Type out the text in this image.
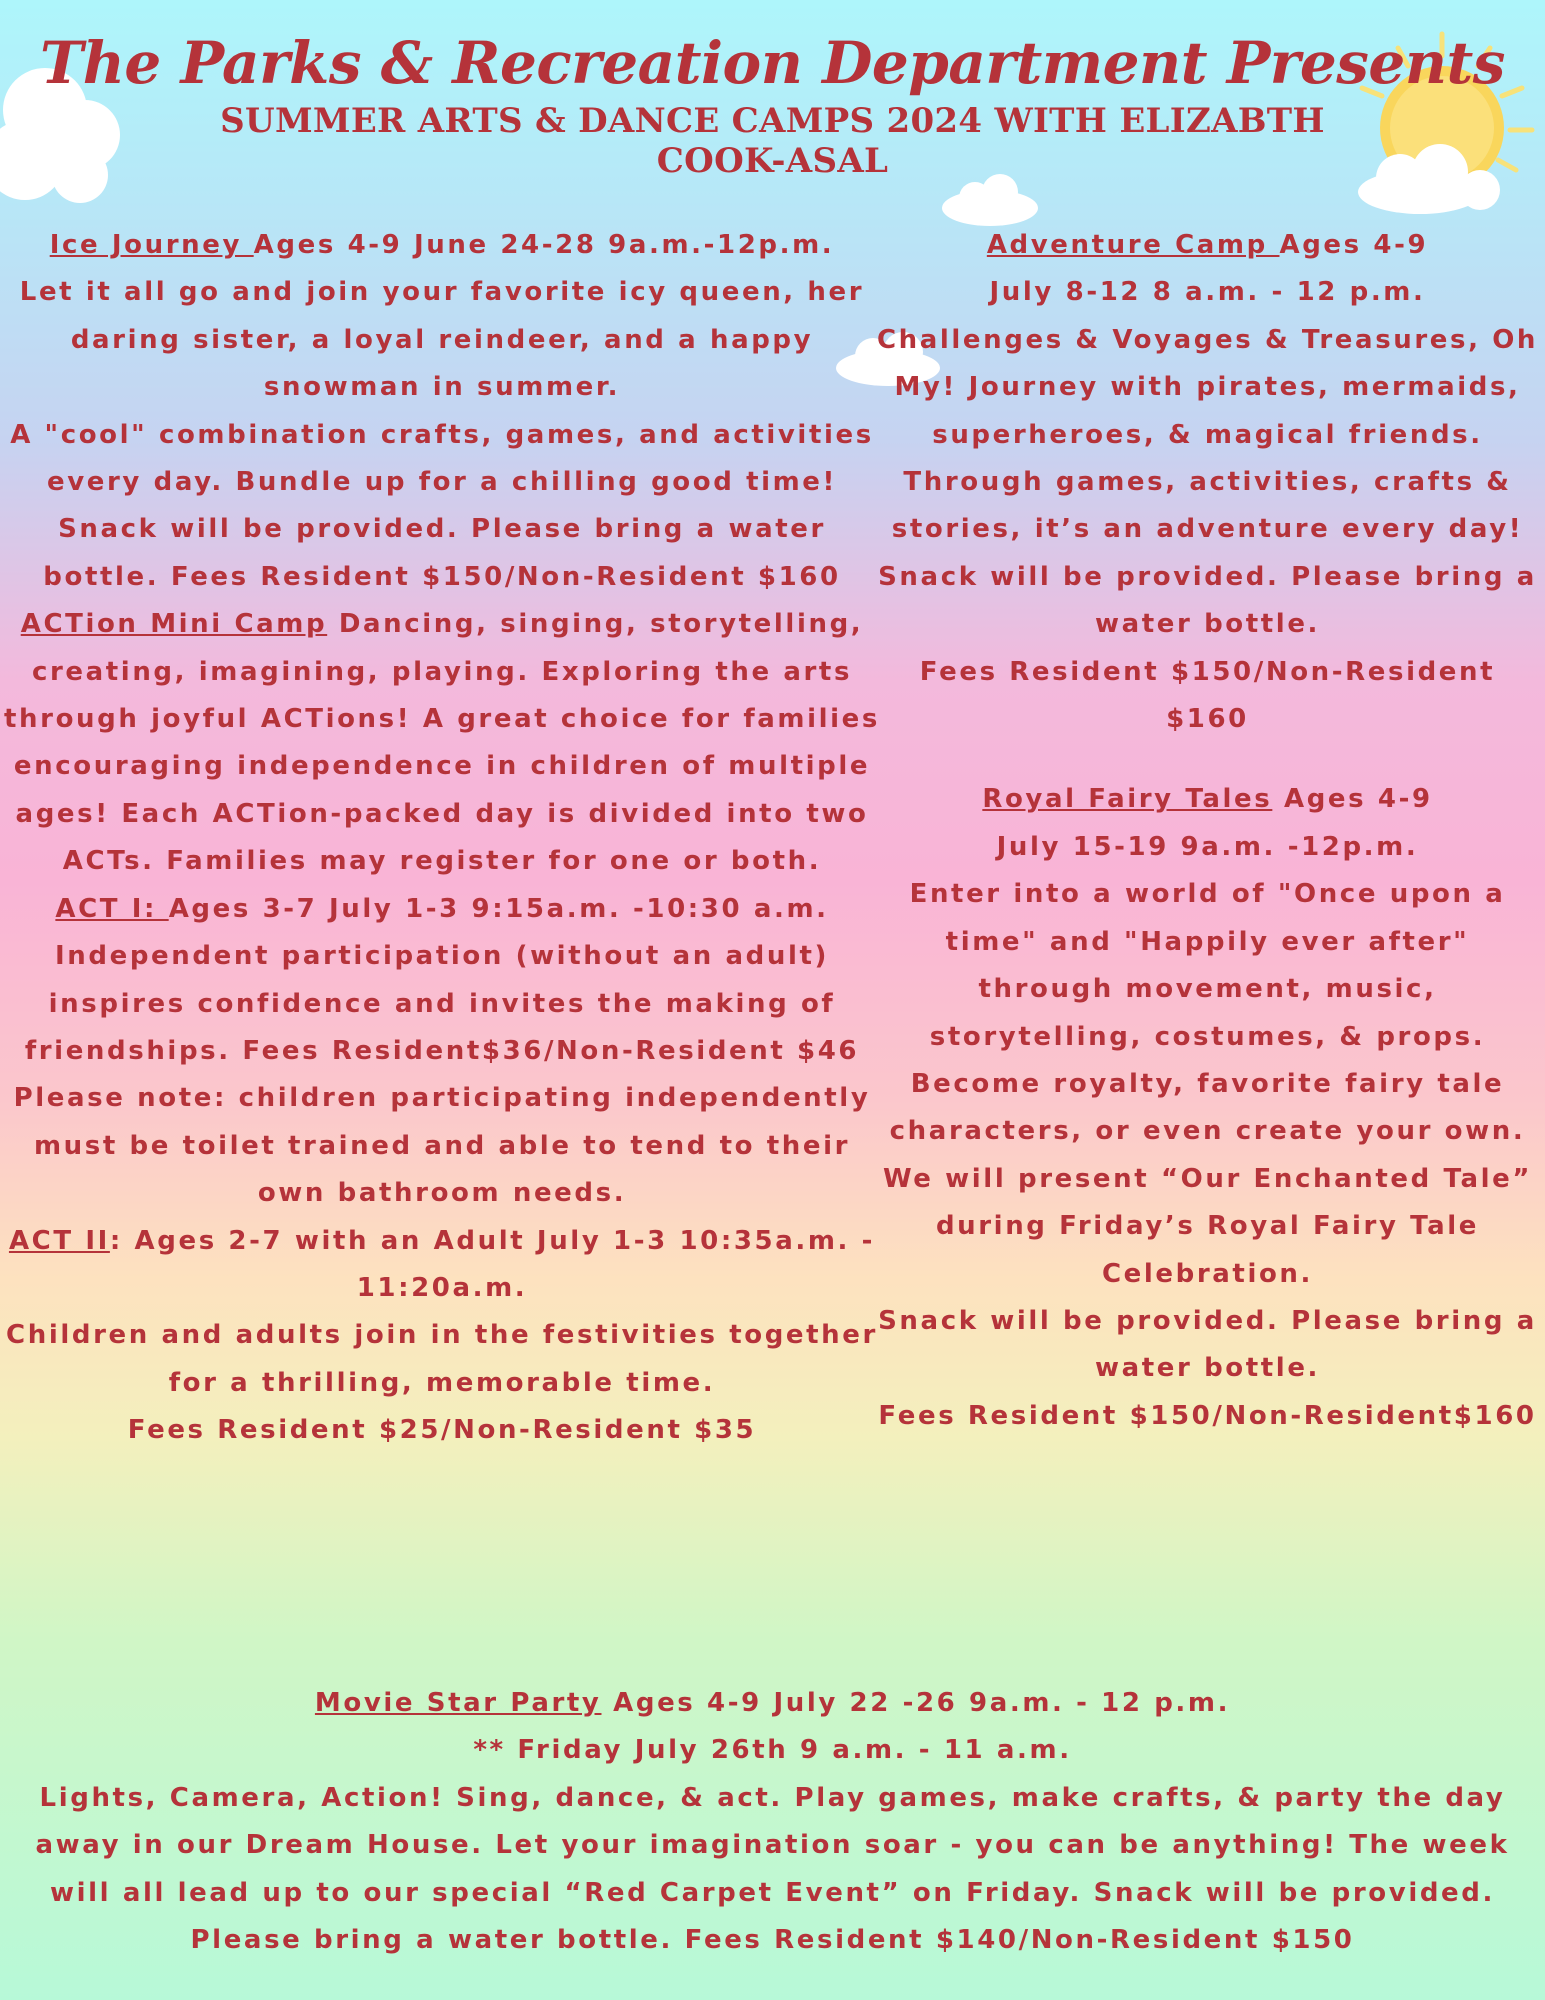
The Parks & Recreation Department Presents
SUMMER ARTS & DANCE CAMPS 2024 WITH ELIZABTH COOK-ASAL

Ice Journey Ages 4-9 June 24-28 9a.m.-12p.m.

Let it all go and join your favorite icy queen, her daring sister, a loyal reindeer, and a happy snowman in summer.

A "cool" combination crafts, games, and activities every day. Bundle up for a chilling good time!

Snack will be provided. Please bring a water bottle. Fees Resident $150/Non-Resident $160

ACTion Mini Camp Dancing, singing, storytelling, creating, imagining, playing. Exploring the arts through joyful ACTions! A great choice for families encouraging independence in children of multiple ages! Each ACTion-packed day is divided into two ACTs. Families may register for one or both.

ACT I: Ages 3-7 July 1-3 9:15a.m. -10:30 a.m.

Independent participation (without an adult) inspires confidence and invites the making of friendships. Fees Resident$36/Non-Resident $46

Please note: children participating independently must be toilet trained and able to tend to their own bathroom needs.

ACT II: Ages 2-7 with an Adult July 1-3 10:35a.m. - 11:20a.m.

Children and adults join in the festivities together for a thrilling, memorable time.

Fees Resident $25/Non-Resident $35

Adventure Camp Ages 4-9

July 8-12 8 a.m. - 12 p.m.

Challenges & Voyages & Treasures, Oh My! Journey with pirates, mermaids, superheroes, & magical friends. Through games, activities, crafts & stories, it’s an adventure every day!

Snack will be provided. Please bring a water bottle.

Fees Resident $150/Non-Resident $160

Royal Fairy Tales Ages 4-9

July 15-19 9a.m. -12p.m.

Enter into a world of "Once upon a time" and "Happily ever after" through movement, music, storytelling, costumes, & props. Become royalty, favorite fairy tale characters, or even create your own.

We will present “Our Enchanted Tale” during Friday’s Royal Fairy Tale Celebration.

Snack will be provided. Please bring a water bottle.

Fees Resident $150/Non-Resident$160

Movie Star Party Ages 4-9 July 22 -26 9a.m. - 12 p.m.

** Friday July 26th 9 a.m. - 11 a.m.

Lights, Camera, Action! Sing, dance, & act. Play games, make crafts, & party the day away in our Dream House. Let your imagination soar - you can be anything! The week will all lead up to our special “Red Carpet Event” on Friday. Snack will be provided. Please bring a water bottle. Fees Resident $140/Non-Resident $150
